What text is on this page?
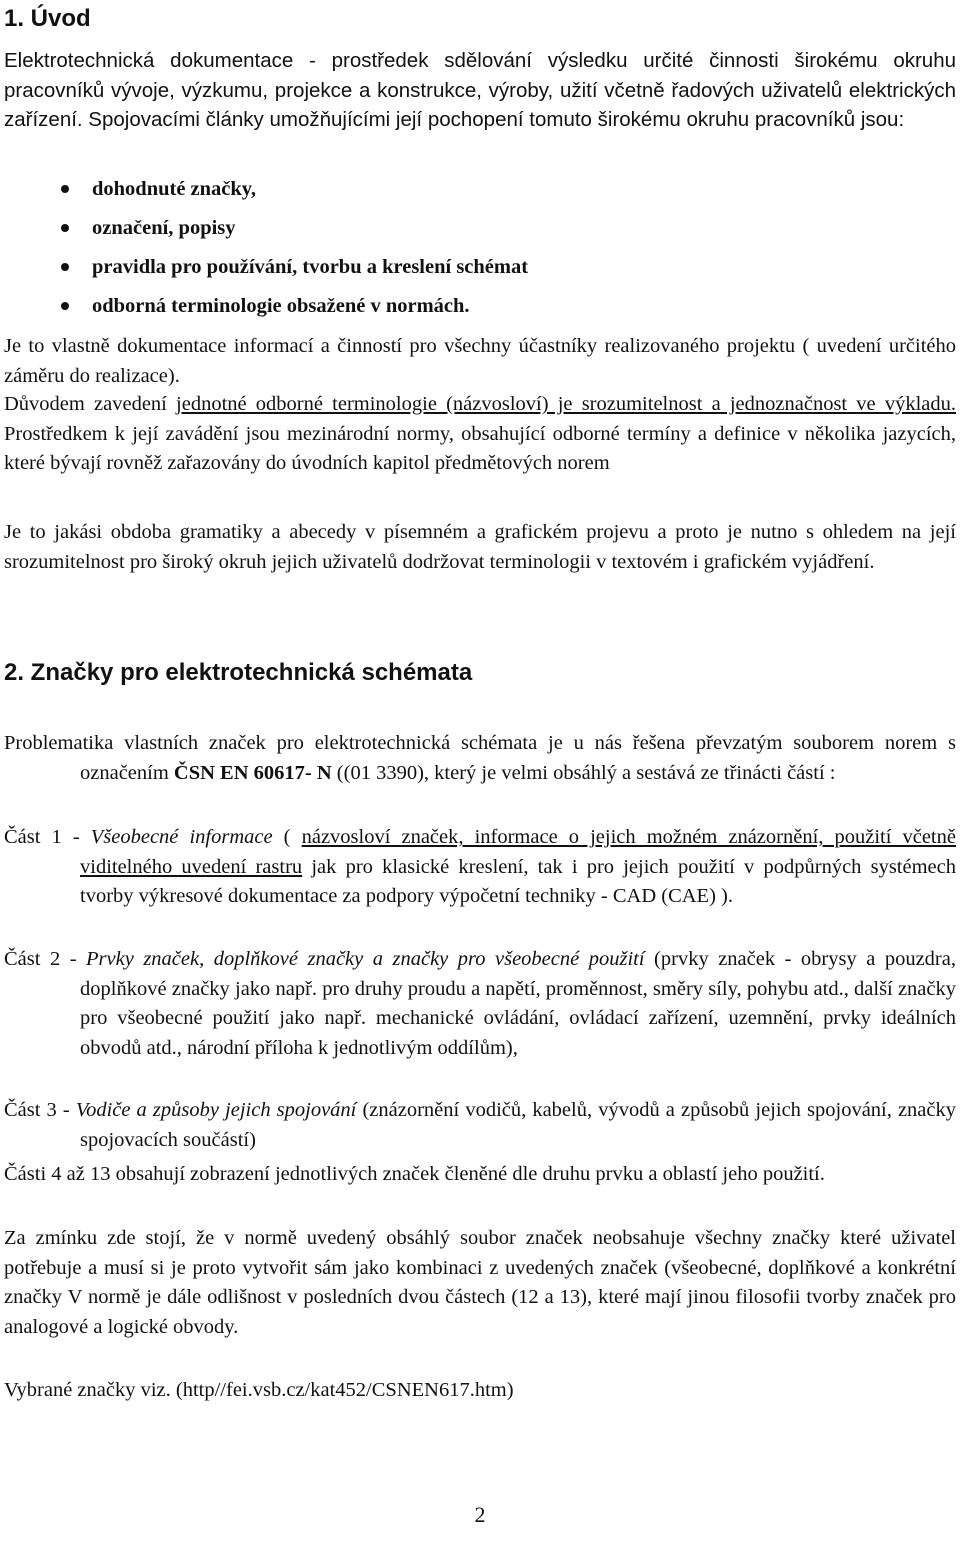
1. Úvod

Elektrotechnická dokumentace - prostředek sdělování výsledku určité činnosti širokému okruhu pracovníků vývoje, výzkumu, projekce a konstrukce, výroby, užití včetně řadových uživatelů elektrických zařízení. Spojovacími články umožňujícími její pochopení tomuto širokému okruhu pracovníků jsou:

dohodnuté značky,
označení, popisy
pravidla pro používání, tvorbu a kreslení schémat
odborná terminologie obsažené v normách.

Je to vlastně dokumentace informací a činností pro všechny účastníky realizovaného projektu ( uvedení určitého záměru do realizace).

Důvodem zavedení jednotné odborné terminologie (názvosloví) je srozumitelnost a jednoznačnost ve výkladu. Prostředkem k její zavádění jsou mezinárodní normy, obsahující odborné termíny a definice v několika jazycích, které bývají rovněž zařazovány do úvodních kapitol předmětových norem

Je to jakási obdoba gramatiky a abecedy v písemném a grafickém projevu a proto je nutno s ohledem na její srozumitelnost pro široký okruh jejich uživatelů dodržovat terminologii v textovém i grafickém vyjádření.

2. Značky pro elektrotechnická schémata

Problematika vlastních značek pro elektrotechnická schémata je u nás řešena převzatým souborem norem s označením ČSN EN 60617- N ((01 3390), který je velmi obsáhlý a sestává ze třinácti částí :

Část 1 - Všeobecné informace ( názvosloví značek, informace o jejich možném znázornění, použití včetně viditelného uvedení rastru jak pro klasické kreslení, tak i pro jejich použití v podpůrných systémech tvorby výkresové dokumentace za podpory výpočetní techniky - CAD (CAE) ).

Část 2 - Prvky značek, doplňkové značky a značky pro všeobecné použití (prvky značek - obrysy a pouzdra, doplňkové značky jako např. pro druhy proudu a napětí, proměnnost, směry síly, pohybu atd., další značky pro všeobecné použití jako např. mechanické ovládání, ovládací zařízení, uzemnění, prvky ideálních obvodů atd., národní příloha k jednotlivým oddílům),

Část 3 - Vodiče a způsoby jejich spojování (znázornění vodičů, kabelů, vývodů a způsobů jejich spojování, značky spojovacích součástí)

Části 4 až 13 obsahují zobrazení jednotlivých značek členěné dle druhu prvku a oblastí jeho použití.

Za zmínku zde stojí, že v normě uvedený obsáhlý soubor značek neobsahuje všechny značky které uživatel potřebuje a musí si je proto vytvořit sám jako kombinaci z uvedených značek (všeobecné, doplňkové a konkrétní značky V normě je dále odlišnost v posledních dvou částech (12 a 13), které mají jinou filosofii tvorby značek pro analogové a logické obvody.

Vybrané značky viz. (http//fei.vsb.cz/kat452/CSNEN617.htm)

2
